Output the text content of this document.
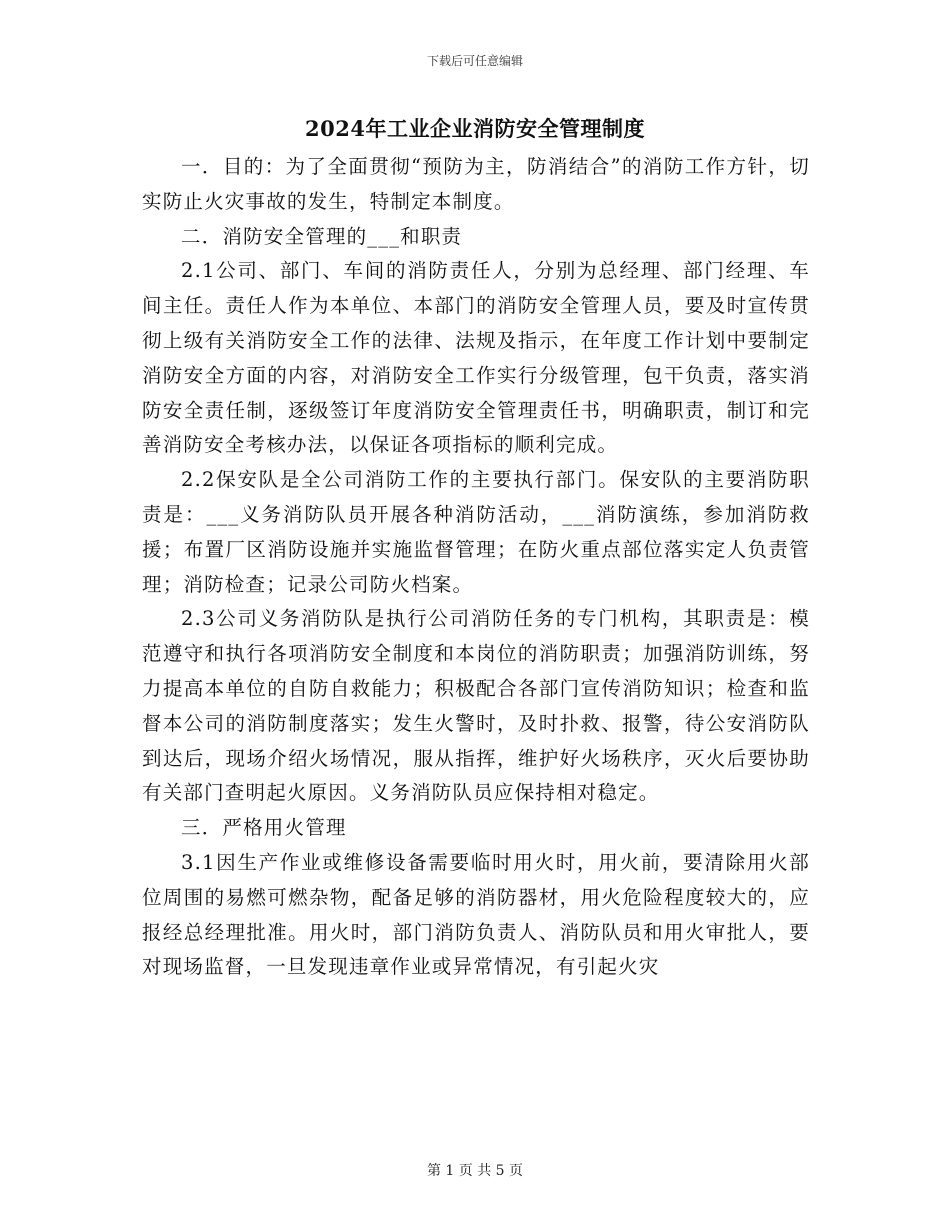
下载后可任意编辑
2024年工业企业消防安全管理制度

一．目的：为了全面贯彻“预防为主，防消结合”的消防工作方针，切实防止火灾事故的发生，特制定本制度。

二．消防安全管理的___和职责

2.1公司、部门、车间的消防责任人，分别为总经理、部门经理、车间主任。责任人作为本单位、本部门的消防安全管理人员，要及时宣传贯彻上级有关消防安全工作的法律、法规及指示，在年度工作计划中要制定消防安全方面的内容，对消防安全工作实行分级管理，包干负责，落实消防安全责任制，逐级签订年度消防安全管理责任书，明确职责，制订和完善消防安全考核办法，以保证各项指标的顺利完成。

2.2保安队是全公司消防工作的主要执行部门。保安队的主要消防职责是：___义务消防队员开展各种消防活动，___消防演练，参加消防救援；布置厂区消防设施并实施监督管理；在防火重点部位落实定人负责管理；消防检查；记录公司防火档案。

2.3公司义务消防队是执行公司消防任务的专门机构，其职责是：模范遵守和执行各项消防安全制度和本岗位的消防职责；加强消防训练，努力提高本单位的自防自救能力；积极配合各部门宣传消防知识；检查和监督本公司的消防制度落实；发生火警时，及时扑救、报警，待公安消防队到达后，现场介绍火场情况，服从指挥，维护好火场秩序，灭火后要协助有关部门查明起火原因。义务消防队员应保持相对稳定。

三．严格用火管理

3.1因生产作业或维修设备需要临时用火时，用火前，要清除用火部位周围的易燃可燃杂物，配备足够的消防器材，用火危险程度较大的，应报经总经理批准。用火时，部门消防负责人、消防队员和用火审批人，要对现场监督，一旦发现违章作业或异常情况，有引起火灾

第 1 页 共 5 页
